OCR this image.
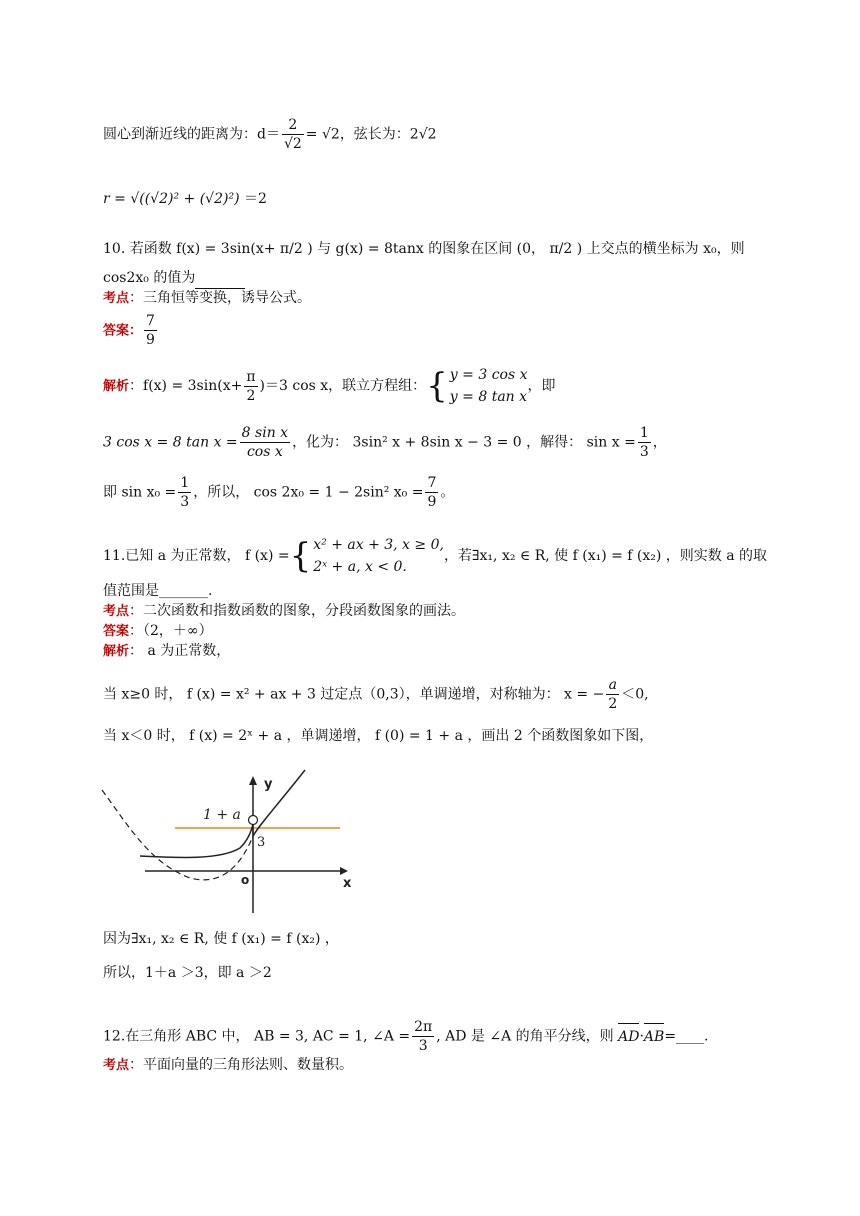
圆心到渐近线的距离为：$d= \frac{2}{√2} = √2$，弦长为：2√2
r = √((√2)² + (√2)²) ＝2
10. 若函数 f(x) = 3sin(x+ π/2 ) 与 g(x) = 8tanx 的图象在区间 (0， π/2 ) 上交点的横坐标为 x₀，则
cos2x₀ 的值为
考点：三角恒等变换，诱导公式。
答案： $\frac{7}{9}$
解析：$f(x) = 3\sin(x+ \frac{\pi}{2} )=3$ cos x，联立方程组：{ y = 3 cos x
y = 8 tan x，即
3 cos x = 8 $\tan x = \frac{\text{8 sin x}}{\text{cos x}}$ ，化为： 3sin² x + 8sin x − 3 = 0 ，解得： $\sin x = \frac{1}{3}$ ，
即 $\sin x_0 = \frac{1}{3}$ ，所以， cos 2x₀ = 1 − 2sin² $x_0 = \frac{7}{9}$ 。
11.已知 a 为正常数， f (x) ={ x² + ax + 3, x ≥ 0,
2ˣ + a, x < 0.，若∃x₁, x₂ ∈ R, 使 f (x₁) = f (x₂) ，则实数 a 的取
值范围是_______.
考点：二次函数和指数函数的图象，分段函数图象的画法。
答案：（2，＋∞）
解析： a 为正常数，
当 x≥0 时， f (x) = x² + ax + 3 过定点（0,3），单调递增，对称轴为： x = − $\frac{a}{2} <0$,
当 x＜0 时， f (x) = 2ˣ + a ，单调递增， f (0) = 1 + a ，画出 2 个函数图象如下图，
1 + a
3
o	x
y
因为∃x₁, x₂ ∈ R, 使 f (x₁) = f (x₂) ，
所以，1＋a ＞3，即 a ＞2
12.在三角形 ABC 中， AB = 3, AC = 1, ∠A = $\frac{2\pi}{3}$ , AD 是 ∠A 的角平分线，则 AD·AB=____.
考点：平面向量的三角形法则、数量积。
